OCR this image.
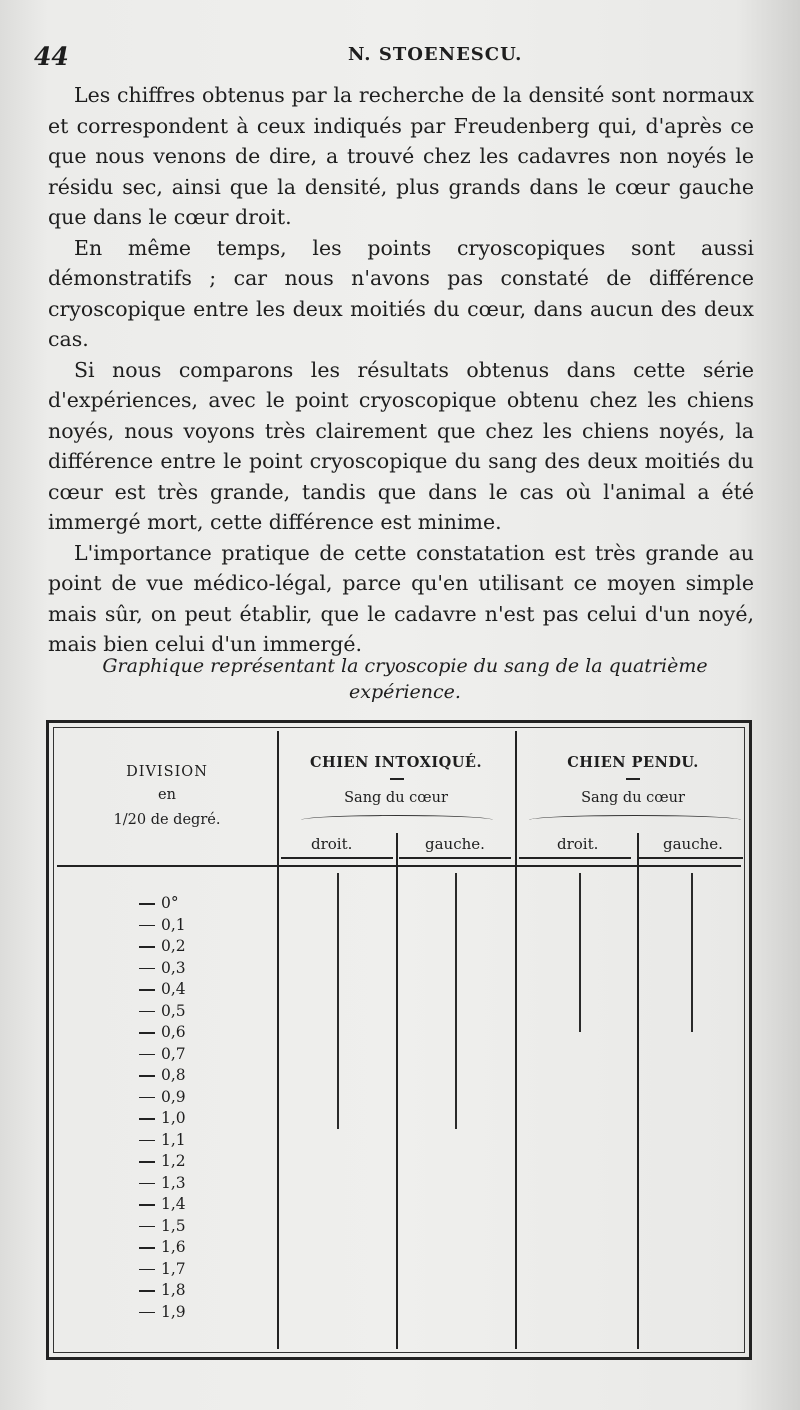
44	N. STOENESCU.

Les chiffres obtenus par la recherche de la densité sont normaux et correspondent à ceux indiqués par Freudenberg qui, d'après ce que nous venons de dire, a trouvé chez les cadavres non noyés le résidu sec, ainsi que la densité, plus grands dans le cœur gauche que dans le cœur droit.

En même temps, les points cryoscopiques sont aussi démonstratifs ; car nous n'avons pas constaté de différence cryoscopique entre les deux moitiés du cœur, dans aucun des deux cas.

Si nous comparons les résultats obtenus dans cette série d'expériences, avec le point cryoscopique obtenu chez les chiens noyés, nous voyons très clairement que chez les chiens noyés, la différence entre le point cryoscopique du sang des deux moitiés du cœur est très grande, tandis que dans le cas où l'animal a été immergé mort, cette différence est minime.

L'importance pratique de cette constatation est très grande au point de vue médico-légal, parce qu'en utilisant ce moyen simple mais sûr, on peut établir, que le cadavre n'est pas celui d'un noyé, mais bien celui d'un immergé.

Graphique représentant la cryoscopie du sang de la quatrième
expérience.
DIVISION
en
1/20 de degré.
CHIEN INTOXIQUÉ.
Sang du cœur
droit.	gauche.
CHIEN PENDU.
Sang du cœur
droit.	gauche.
0°
0,1
0,2
0,3
0,4
0,5
0,6
0,7
0,8
0,9
1,0
1,1
1,2
1,3
1,4
1,5
1,6
1,7
1,8
1,9
